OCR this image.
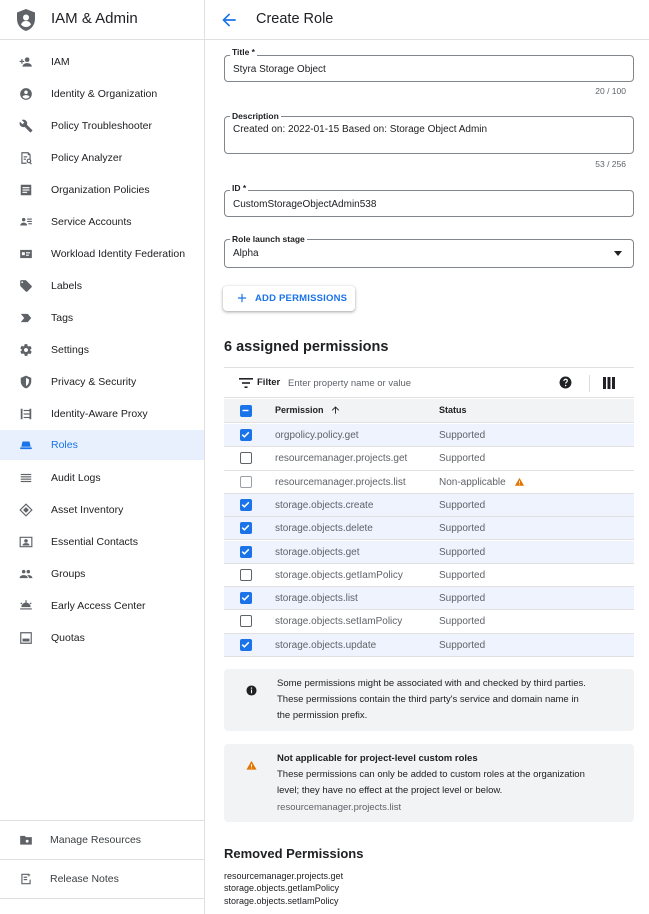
IAM & Admin
IAM
Identity & Organization
Policy Troubleshooter
Policy Analyzer
Organization Policies
Service Accounts
Workload Identity Federation
Labels
Tags
Settings
Privacy & Security
Identity-Aware Proxy
Roles
Audit Logs
Asset Inventory
Essential Contacts
Groups
Early Access Center
Quotas
Manage Resources
Release Notes
Create Role
Styra Storage Object
Title *
20 / 100
Created on: 2022-01-15 Based on: Storage Object Admin
Description
53 / 256
CustomStorageObjectAdmin538
ID *
Alpha
Role launch stage
ADD PERMISSIONS
6 assigned permissions
Filter
Enter property name or value
Permission	Status
orgpolicy.policy.get	Supported
resourcemanager.projects.get	Supported
resourcemanager.projects.list	Non-applicable
storage.objects.create	Supported
storage.objects.delete	Supported
storage.objects.get	Supported
storage.objects.getIamPolicy	Supported
storage.objects.list	Supported
storage.objects.setIamPolicy	Supported
storage.objects.update	Supported
Some permissions might be associated with and checked by third parties.
These permissions contain the third party's service and domain name in
the permission prefix.
Not applicable for project-level custom roles
These permissions can only be added to custom roles at the organization
level; they have no effect at the project level or below.
resourcemanager.projects.list
Removed Permissions
resourcemanager.projects.get
storage.objects.getIamPolicy
storage.objects.setIamPolicy
